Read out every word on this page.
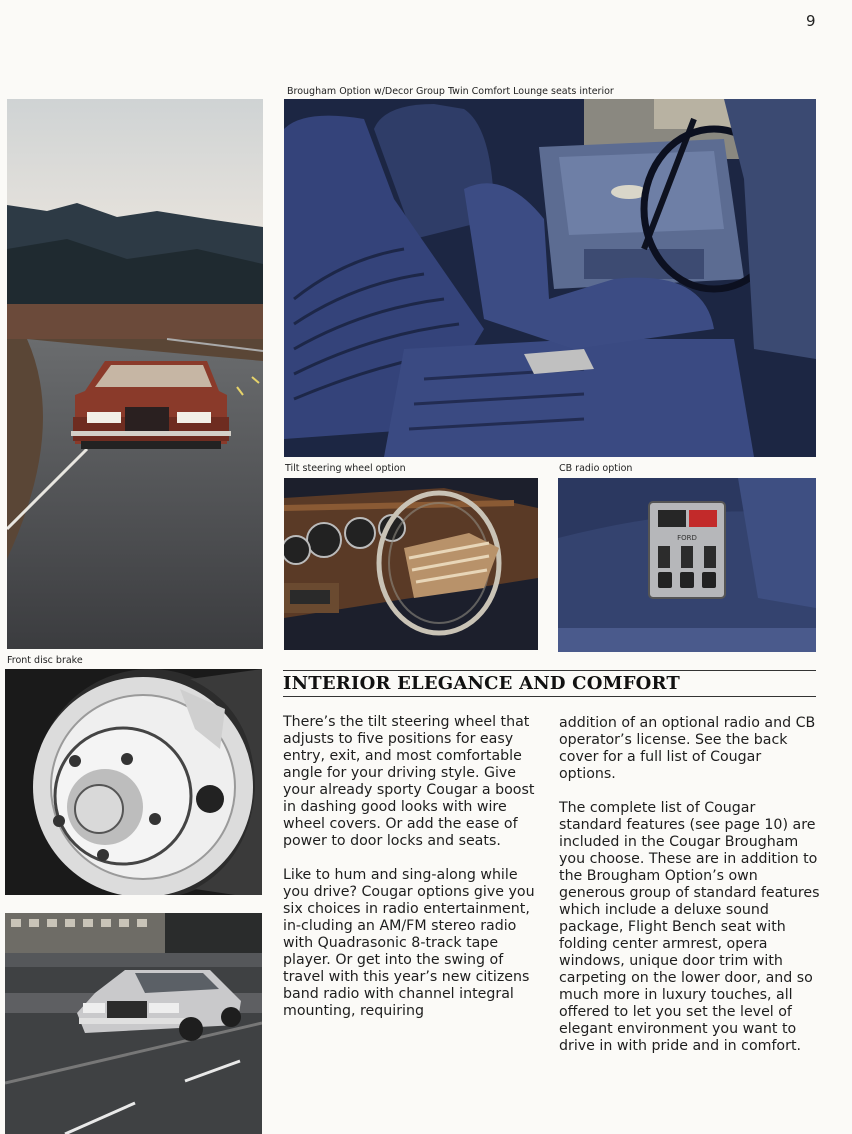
9
Brougham Option w/Decor Group Twin Comfort Lounge seats interior
Tilt steering wheel option	CB radio option
FORD
Front disc brake
INTERIOR ELEGANCE AND COMFORT

There’s the tilt steering wheel that adjusts to five positions for easy entry, exit, and most comfortable angle for your driving style. Give your already sporty Cougar a boost in dashing good looks with wire wheel covers. Or add the ease of power to door locks and seats.

Like to hum and sing-along while you drive? Cougar options give you six choices in radio entertainment, in-cluding an AM/FM stereo radio with Quadrasonic 8-track tape player. Or get into the swing of travel with this year’s new citizens band radio with channel integral mounting, requiring

addition of an optional radio and CB operator’s license. See the back cover for a full list of Cougar options.

The complete list of Cougar standard features (see page 10) are included in the Cougar Brougham you choose. These are in addition to the Brougham Option’s own generous group of standard features which include a deluxe sound package, Flight Bench seat with folding center armrest, opera windows, unique door trim with carpeting on the lower door, and so much more in luxury touches, all offered to let you set the level of elegant environment you want to drive in with pride and in comfort.
